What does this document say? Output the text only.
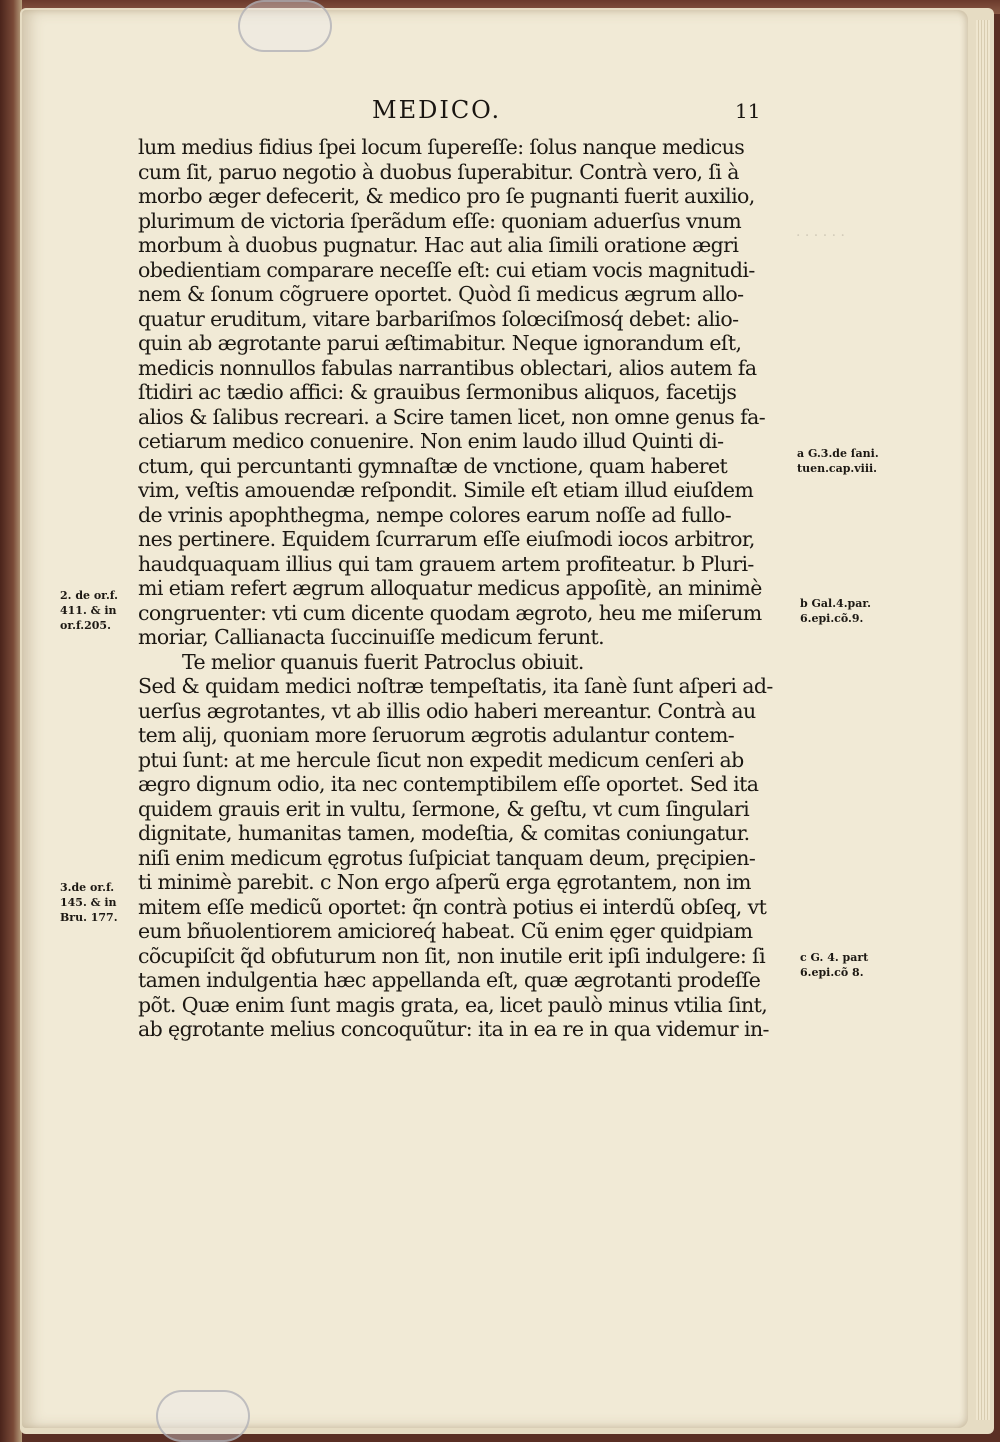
· · · · · ·
MEDICO.	11
lum medius fidius ſpei locum ſupereſſe: ſolus nanque medicus
cum ſit, paruo negotio à duobus ſuperabitur. Contrà vero, ſi à
morbo æger defecerit, & medico pro ſe pugnanti fuerit auxilio,
plurimum de victoria ſperãdum eſſe: quoniam aduerſus vnum
morbum à duobus pugnatur. Hac aut alia ſimili oratione ægri
obedientiam comparare neceſſe eſt: cui etiam vocis magnitudi-
nem & ſonum cõgruere oportet. Quòd ſi medicus ægrum allo-
quatur eruditum, vitare barbariſmos ſolœciſmosq́ debet: alio-
quin ab ægrotante parui æſtimabitur. Neque ignorandum eſt,
medicis nonnullos fabulas narrantibus oblectari, alios autem fa
ſtidiri ac tædio affici: & grauibus ſermonibus aliquos, facetijs
alios & ſalibus recreari. a Scire tamen licet, non omne genus fa-
cetiarum medico conuenire. Non enim laudo illud Quinti di-
ctum, qui percuntanti gymnaſtæ de vnctione, quam haberet
vim, veſtis amouendæ reſpondit. Simile eſt etiam illud eiuſdem
de vrinis apophthegma, nempe colores earum noſſe ad fullo-
nes pertinere. Equidem ſcurrarum eſſe eiuſmodi iocos arbitror,
haudquaquam illius qui tam grauem artem profiteatur. b Pluri-
mi etiam refert ægrum alloquatur medicus appoſitè, an minimè
congruenter: vti cum dicente quodam ægroto, heu me miſerum
moriar, Callianacta ſuccinuiſſe medicum ferunt.
Te melior quanuis fuerit Patroclus obiuit.
Sed & quidam medici noſtræ tempeſtatis, ita ſanè ſunt aſperi ad-
uerſus ægrotantes, vt ab illis odio haberi mereantur. Contrà au
tem alij, quoniam more ſeruorum ægrotis adulantur contem-
ptui ſunt: at me hercule ſicut non expedit medicum cenſeri ab
ægro dignum odio, ita nec contemptibilem eſſe oportet. Sed ita
quidem grauis erit in vultu, ſermone, & geſtu, vt cum ſingulari
dignitate, humanitas tamen, modeſtia, & comitas coniungatur.
niſi enim medicum ęgrotus ſuſpiciat tanquam deum, pręcipien-
ti minimè parebit. c Non ergo aſperũ erga ęgrotantem, non im
mitem eſſe medicũ oportet: q̃n contrà potius ei interdũ obſeq, vt
eum bñuolentiorem amicioreq́ habeat. Cũ enim ęger quidpiam
cõcupiſcit q̃d obfuturum non ſit, non inutile erit ipſi indulgere: ſi
tamen indulgentia hæc appellanda eſt, quæ ægrotanti prodeſſe
põt. Quæ enim ſunt magis grata, ea, licet paulò minus vtilia ſint,
ab ęgrotante melius concoquũtur: ita in ea re in qua videmur in-
a G.3.de ſani.
tuen.cap.viii.
b Gal.4.par.
6.epi.cõ.9.
c G. 4. part
6.epi.cõ 8.
2. de or.f.
411. & in
or.f.205.
3.de or.f.
145. & in
Bru. 177.
